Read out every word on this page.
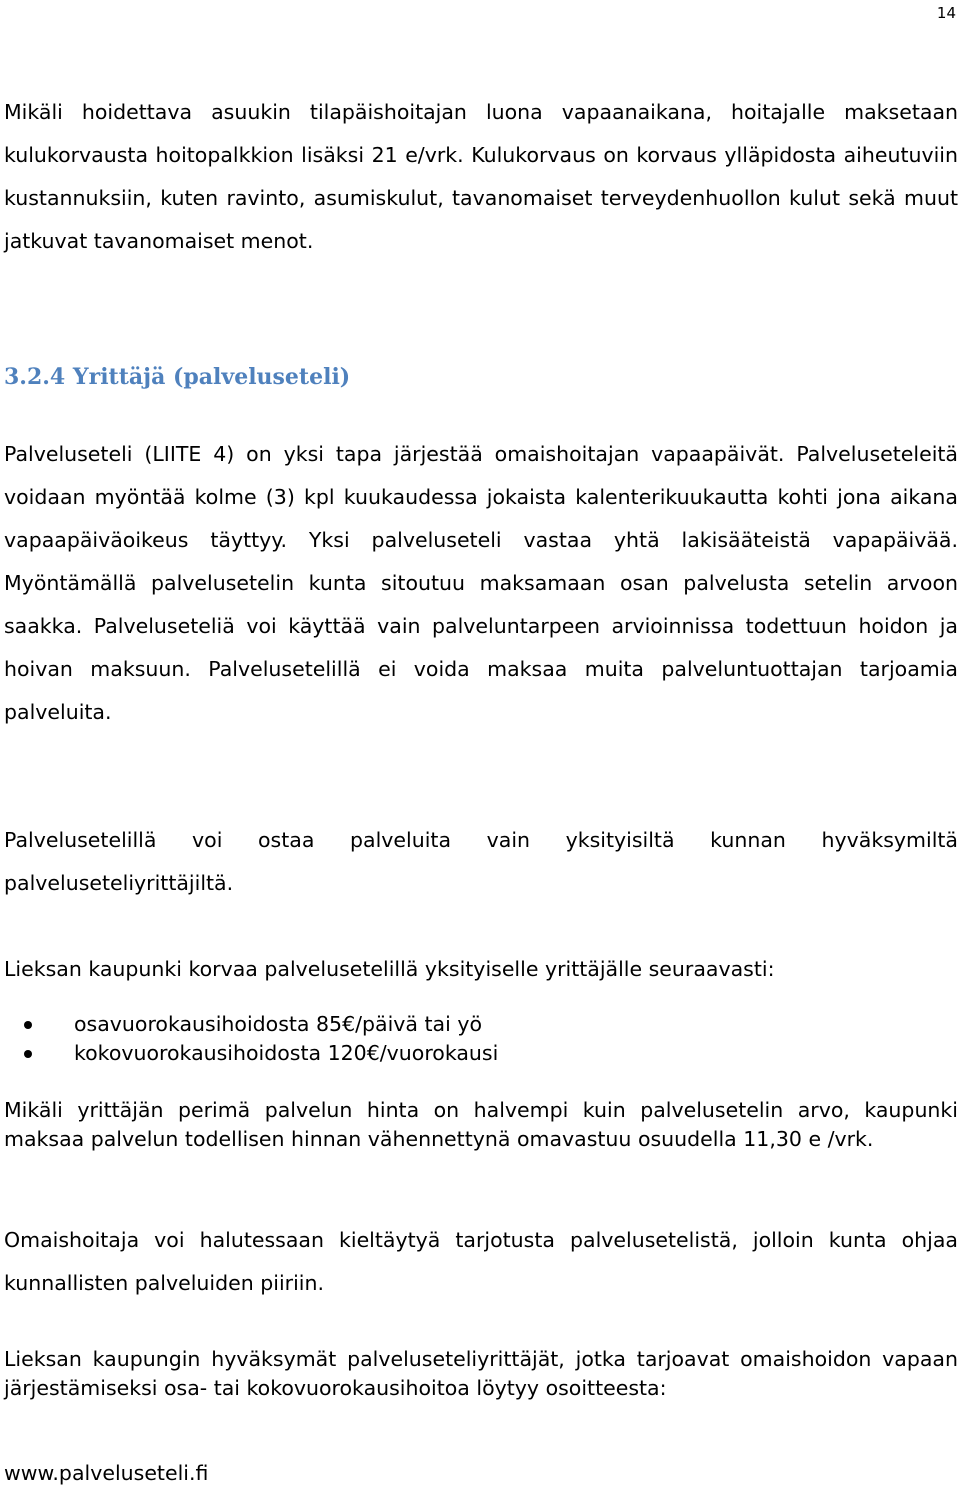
14

Mikäli hoidettava asuukin tilapäishoitajan luona vapaanaikana, hoitajalle maksetaan kulukorvausta hoitopalkkion lisäksi 21 e/vrk. Kulukorvaus on korvaus ylläpidosta aiheutuviin kustannuksiin, kuten ravinto, asumiskulut, tavanomaiset terveydenhuollon kulut sekä muut jatkuvat tavanomaiset menot.

3.2.4 Yrittäjä (palveluseteli)

Palveluseteli (LIITE 4) on yksi tapa järjestää omaishoitajan vapaapäivät. Palveluseteleitä voidaan myöntää kolme (3) kpl kuukaudessa jokaista kalenterikuukautta kohti jona aikana vapaapäiväoikeus täyttyy. Yksi palveluseteli vastaa yhtä lakisääteistä vapapäivää. Myöntämällä palvelusetelin kunta sitoutuu maksamaan osan palvelusta setelin arvoon saakka. Palveluseteliä voi käyttää vain palveluntarpeen arvioinnissa todettuun hoidon ja hoivan maksuun. Palvelusetelillä ei voida maksaa muita palveluntuottajan tarjoamia palveluita.

Palvelusetelillä voi ostaa palveluita vain yksityisiltä kunnan hyväksymiltä palveluseteliyrittäjiltä.

Lieksan kaupunki korvaa palvelusetelillä yksityiselle yrittäjälle seuraavasti:

osavuorokausihoidosta 85€/päivä tai yö
kokovuorokausihoidosta 120€/vuorokausi

Mikäli yrittäjän perimä palvelun hinta on halvempi kuin palvelusetelin arvo, kaupunki maksaa palvelun todellisen hinnan vähennettynä omavastuu osuudella 11,30 e /vrk.

Omaishoitaja voi halutessaan kieltäytyä tarjotusta palvelusetelistä, jolloin kunta ohjaa kunnallisten palveluiden piiriin.

Lieksan kaupungin hyväksymät palveluseteliyrittäjät, jotka tarjoavat omaishoidon vapaan järjestämiseksi osa- tai kokovuorokausihoitoa löytyy osoitteesta:

www.palveluseteli.fi
